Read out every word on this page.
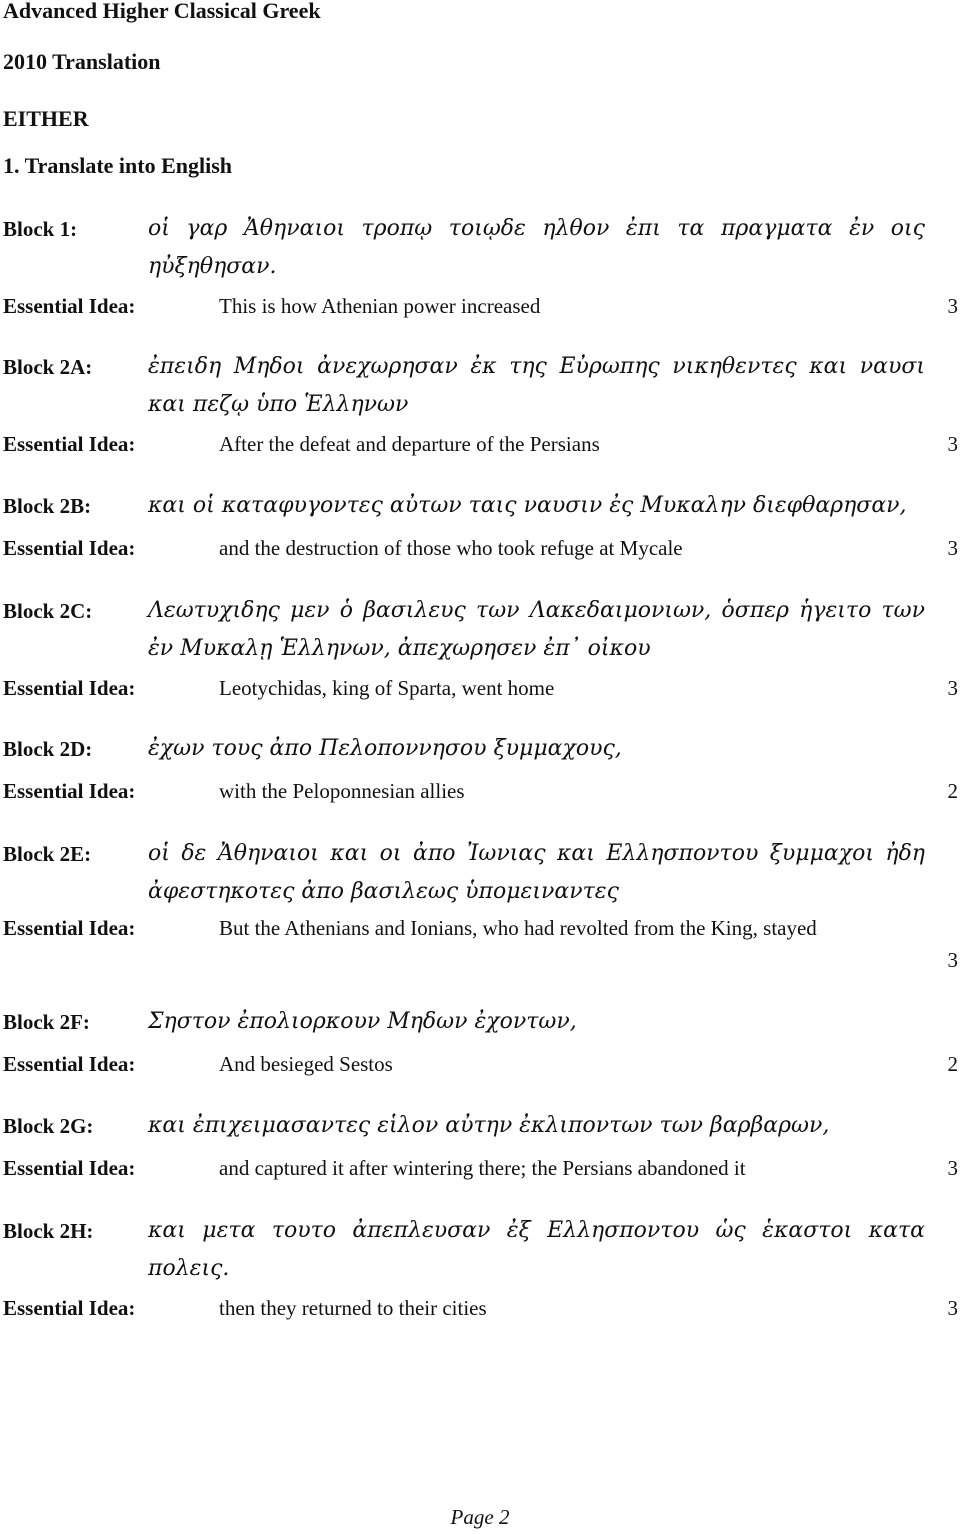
Advanced Higher Classical Greek
2010 Translation
EITHER
1. Translate into English
Block 1:	οἱ γαρ Ἀθηναιοι τροπῳ τοιῳδε ηλθον ἐπι τα πραγματα ἐν οις ηὐξηθησαν.
Essential Idea:	This is how Athenian power increased	3
Block 2A:	ἐπειδη Μηδοι ἀνεχωρησαν ἐκ της Εὐρωπης νικηθεντες και ναυσι και πεζῳ ὑπο Ἑλληνων
Essential Idea:	After the defeat and departure of the Persians	3
Block 2B:	και οἱ καταφυγοντες αὐτων ταις ναυσιν ἐς Μυκαλην διεφθαρησαν,
Essential Idea:	and the destruction of those who took refuge at Mycale	3
Block 2C:	Λεωτυχιδης μεν ὁ βασιλευς των Λακεδαιμονιων, ὁσπερ ἡγειτο των ἐν Μυκαλῃ Ἑλληνων, ἀπεχωρησεν ἐπ᾽ οἰκου
Essential Idea:	Leotychidas, king of Sparta, went home	3
Block 2D:	ἐχων τους ἀπο Πελοποννησου ξυμμαχους,
Essential Idea:	with the Peloponnesian allies	2
Block 2E:	οἱ δε Ἀθηναιοι και οι ἀπο Ἰωνιας και Ελλησποντου ξυμμαχοι ἠδη ἀφεστηκοτες ἀπο βασιλεως ὑπομειναντες
Essential Idea:	But the Athenians and Ionians, who had revolted from the King, stayed
3
Block 2F:	Σηστον ἐπολιορκουν Μηδων ἐχοντων,
Essential Idea:	And besieged Sestos	2
Block 2G:	και ἐπιχειμασαντες εἱλον αὐτην ἐκλιποντων των βαρβαρων,
Essential Idea:	and captured it after wintering there; the Persians abandoned it	3
Block 2H:	και μετα τουτο ἀπεπλευσαν ἐξ Ελλησποντου ὡς ἑκαστοι κατα πολεις.
Essential Idea:	then they returned to their cities	3
Page 2
